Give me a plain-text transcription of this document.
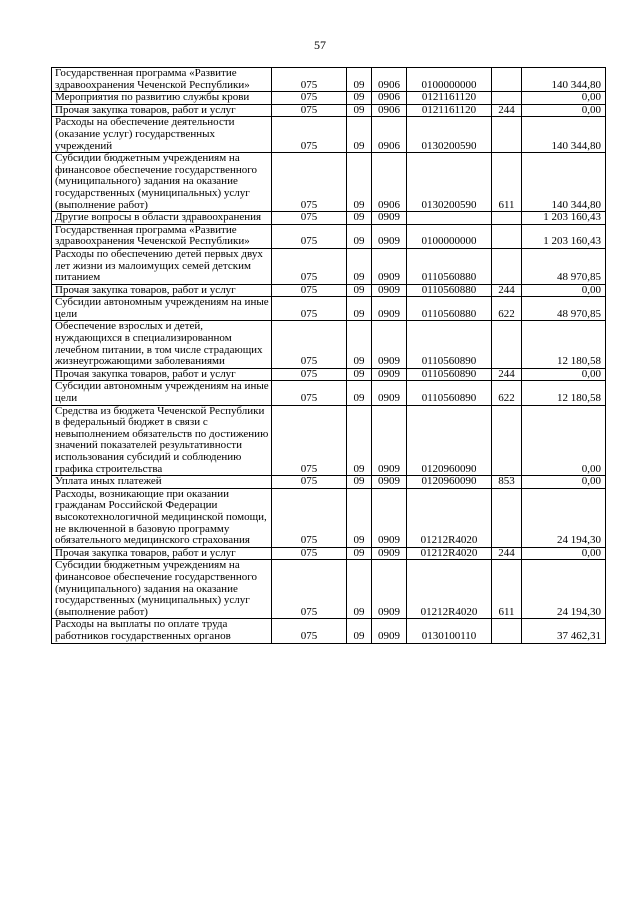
57
Государственная программа «Развитие здравоохранения Чеченской Республики»	075	09	0906	0100000000		140 344,80
Мероприятия по развитию службы крови	075	09	0906	0121161120		0,00
Прочая закупка товаров, работ и услуг	075	09	0906	0121161120	244	0,00
Расходы на обеспечение деятельности (оказание услуг) государственных учреждений	075	09	0906	0130200590		140 344,80
Субсидии бюджетным учреждениям на финансовое обеспечение государственного (муниципального) задания на оказание государственных (муниципальных) услуг (выполнение работ)	075	09	0906	0130200590	611	140 344,80
Другие вопросы в области здравоохранения	075	09	0909			1 203 160,43
Государственная программа «Развитие здравоохранения Чеченской Республики»	075	09	0909	0100000000		1 203 160,43
Расходы по обеспечению детей первых двух лет жизни из малоимущих семей детским питанием	075	09	0909	0110560880		48 970,85
Прочая закупка товаров, работ и услуг	075	09	0909	0110560880	244	0,00
Субсидии автономным учреждениям на иные цели	075	09	0909	0110560880	622	48 970,85
Обеспечение взрослых и детей, нуждающихся в специализированном лечебном питании, в том числе страдающих жизнеугрожающими заболеваниями	075	09	0909	0110560890		12 180,58
Прочая закупка товаров, работ и услуг	075	09	0909	0110560890	244	0,00
Субсидии автономным учреждениям на иные цели	075	09	0909	0110560890	622	12 180,58
Средства из бюджета Чеченской Республики в федеральный бюджет в связи с невыполнением обязательств по достижению значений показателей результативности использования субсидий и соблюдению графика строительства	075	09	0909	0120960090		0,00
Уплата иных платежей	075	09	0909	0120960090	853	0,00
Расходы, возникающие при оказании гражданам Российской Федерации высокотехнологичной медицинской помощи, не включенной в базовую программу обязательного медицинского страхования	075	09	0909	01212R4020		24 194,30
Прочая закупка товаров, работ и услуг	075	09	0909	01212R4020	244	0,00
Субсидии бюджетным учреждениям на финансовое обеспечение государственного (муниципального) задания на оказание государственных (муниципальных) услуг (выполнение работ)	075	09	0909	01212R4020	611	24 194,30
Расходы на выплаты по оплате труда работников государственных органов	075	09	0909	0130100110		37 462,31
